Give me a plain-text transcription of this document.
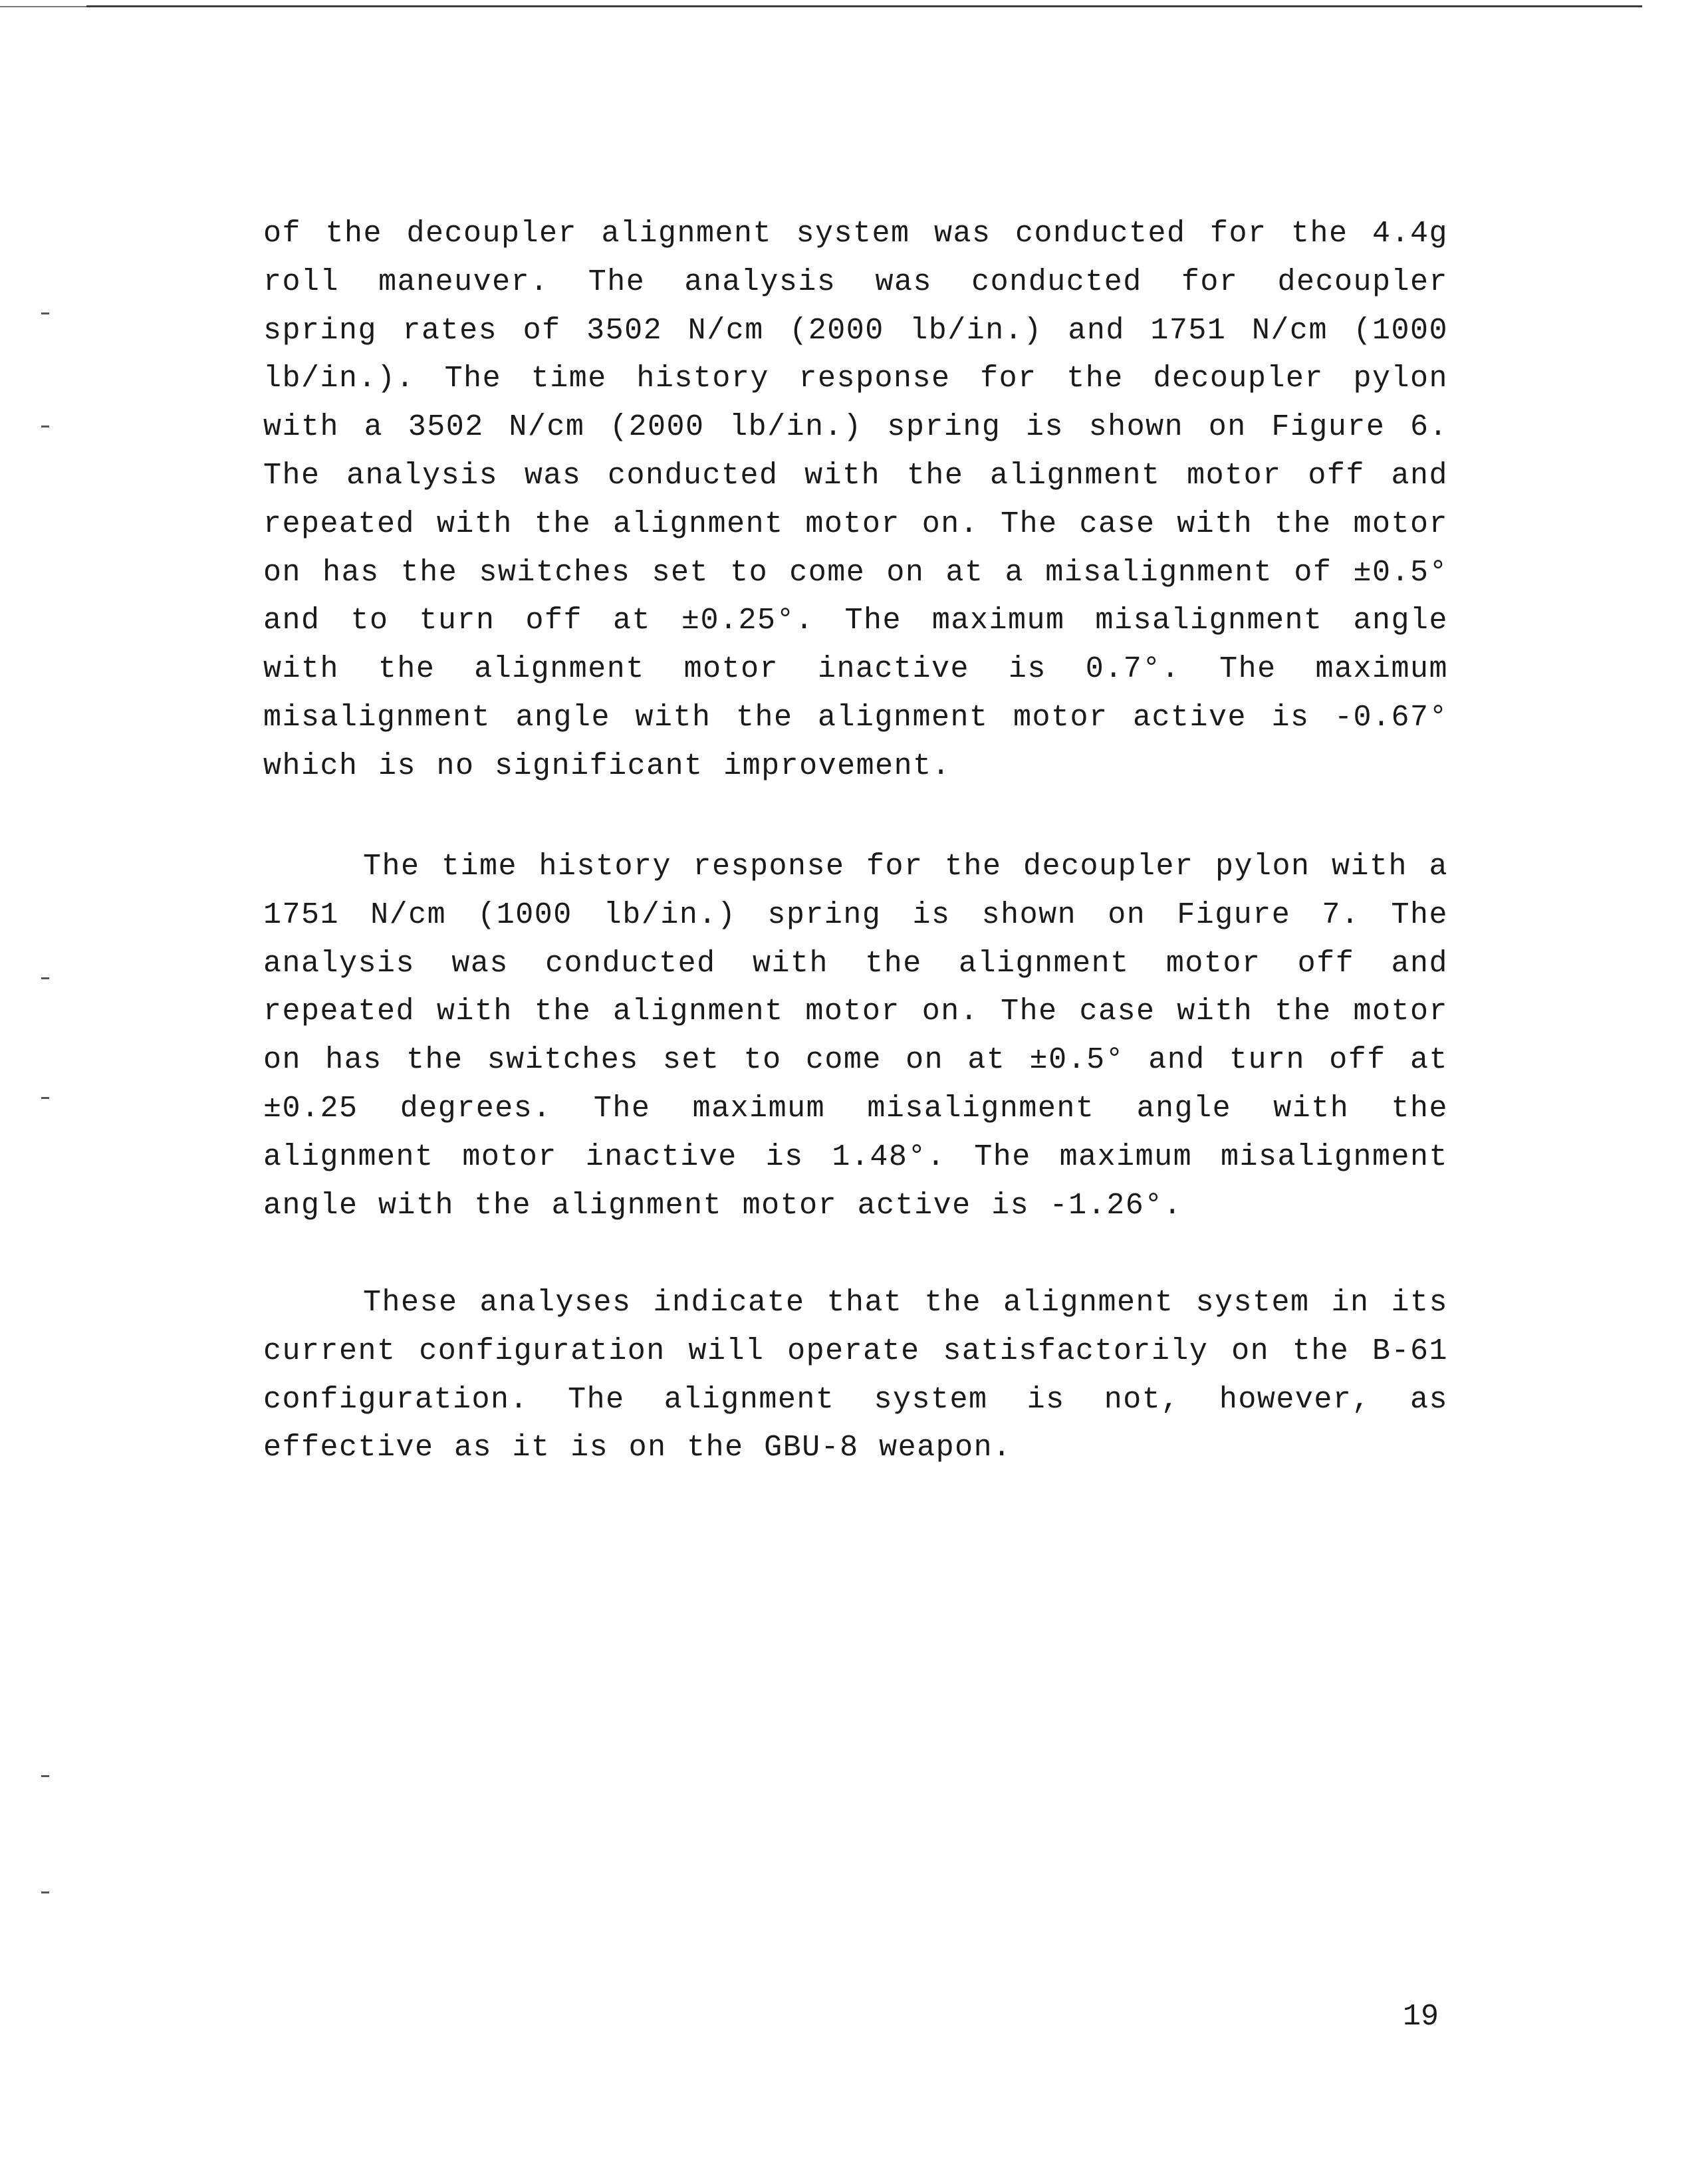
of the decoupler alignment system was conducted for the 4.4g roll maneuver. The analysis was conducted for decoupler spring rates of 3502 N/cm (2000 lb/in.) and 1751 N/cm (1000 lb/in.). The time history response for the decoupler pylon with a 3502 N/cm (2000 lb/in.) spring is shown on Figure 6. The analysis was conducted with the alignment motor off and repeated with the alignment motor on. The case with the motor on has the switches set to come on at a misalignment of ±0.5° and to turn off at ±0.25°. The maximum misalignment angle with the alignment motor inactive is 0.7°. The maximum misalignment angle with the alignment motor active is -0.67° which is no significant improvement.
The time history response for the decoupler pylon with a 1751 N/cm (1000 lb/in.) spring is shown on Figure 7. The analysis was conducted with the alignment motor off and repeated with the alignment motor on. The case with the motor on has the switches set to come on at ±0.5° and turn off at ±0.25 degrees. The maximum misalignment angle with the alignment motor inactive is 1.48°. The maximum misalignment angle with the alignment motor active is -1.26°.
These analyses indicate that the alignment system in its current configuration will operate satisfactorily on the B-61 configuration. The alignment system is not, however, as effective as it is on the GBU-8 weapon.
19
